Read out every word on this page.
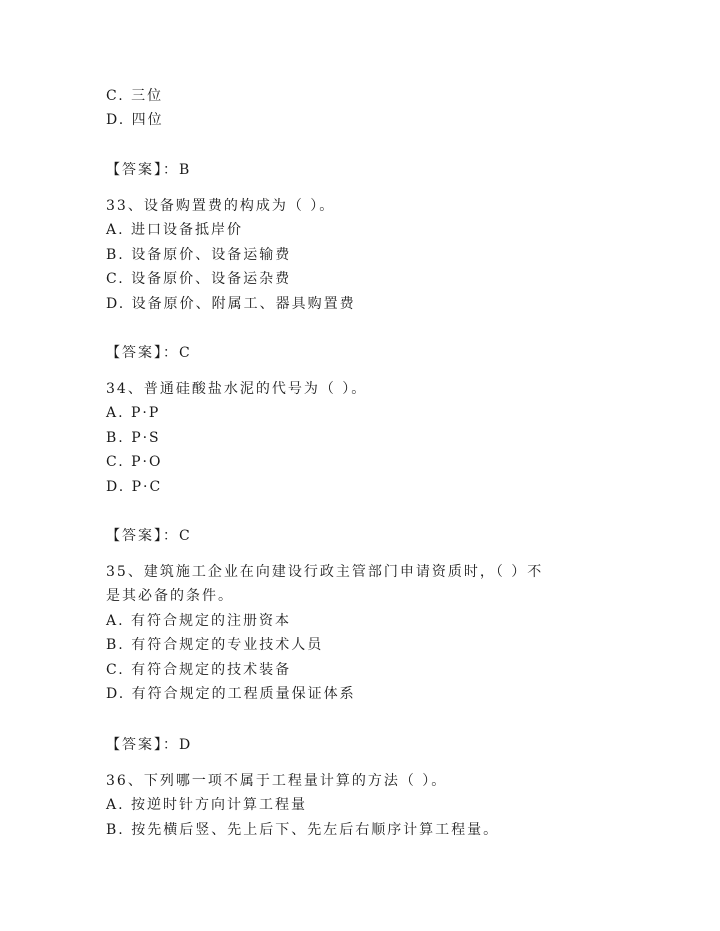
C. 三位
D. 四位
【答案】：B
33、设备购置费的构成为（ ）。
A. 进口设备抵岸价
B. 设备原价、设备运输费
C. 设备原价、设备运杂费
D. 设备原价、附属工、器具购置费
【答案】：C
34、普通硅酸盐水泥的代号为（ ）。
A. P·P
B. P·S
C. P·O
D. P·C
【答案】：C
35、建筑施工企业在向建设行政主管部门申请资质时，（ ）不
是其必备的条件。
A. 有符合规定的注册资本
B. 有符合规定的专业技术人员
C. 有符合规定的技术装备
D. 有符合规定的工程质量保证体系
【答案】：D
36、下列哪一项不属于工程量计算的方法（ ）。
A. 按逆时针方向计算工程量
B. 按先横后竖、先上后下、先左后右顺序计算工程量。
